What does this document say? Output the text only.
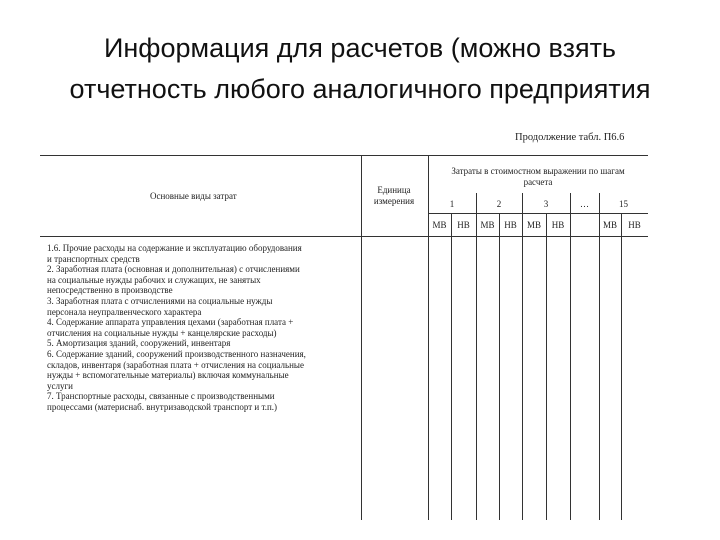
Информация для расчетов (можно взять
отчетность любого аналогичного предприятия
Продолжение табл. П6.6
Основные виды затрат
Единица
измерения
Затраты в стоимостном выражении по шагам
расчета
1	2	3	…	15
МВ	НВ	МВ	НВ	МВ	НВ	МВ	НВ
1.6. Прочие расходы на содержание и эксплуатацию оборудования
и транспортных средств
2. Заработная плата (основная и дополнительная) с отчислениями
на социальные нужды рабочих и служащих, не занятых
непосредственно в производстве
3. Заработная плата с отчислениями на социальные нужды
персонала неупралвенческого характера
4. Содержание аппарата управления цехами (заработная плата +
отчисления на социальные нужды + канцелярские расходы)
5. Амортизация зданий, сооружений, инвентаря
6. Содержание зданий, сооружений производственного назначения,
складов, инвентаря (заработная плата + отчисления на социальные
нужды + вспомогательные материалы) включая коммунальные
услуги
7. Транспортные расходы, связанные с производственными
процессами (материснаб. внутризаводской транспорт и т.п.)
